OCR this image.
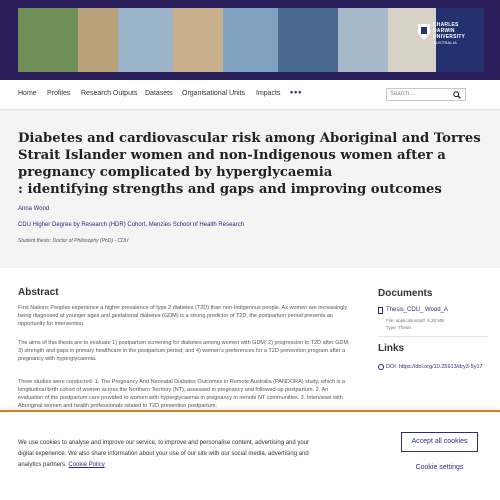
CHARLES
DARWIN
UNIVERSITY
AUSTRALIA
Home Profiles Research Outputs Datasets Organisational Units Impacts •••	Search...
Diabetes and cardiovascular risk among Aboriginal and Torres Strait Islander women and non-Indigenous women after a pregnancy complicated by hyperglycaemia
: identifying strengths and gaps and improving outcomes
Anna Wood
CDU Higher Degree by Research (HDR) Cohort, Menzies School of Health Research
Student thesis: Doctor of Philosophy (PhD) - CDU
Abstract

First Nations Peoples experience a higher prevalence of type 2 diabetes (T2D) than non-Indigenous people. As women are increasingly being diagnosed at younger ages and gestational diabetes (GDM) is a strong predictor of T2D, the postpartum period presents an opportunity for intervention.

The aims of this thesis are to evaluate 1) postpartum screening for diabetes among women with GDM; 2) progression to T2D after GDM; 3) strength and gaps in primary healthcare in the postpartum period; and 4) women's preferences for a T2D prevention program after a pregnancy with hyperglycaemia.

Three studies were conducted: 1. The Pregnancy And Neonatal Diabetes Outcomes in Remote Australia (PANDORA) study, which is a longitudinal birth cohort of women across the Northern Territory (NT), assessed in pregnancy and followed-up postpartum. 2. An evaluation of the postpartum care provided to women with hyperglycaemia in pregnancy in remote NT communities. 3. Interviews with Aboriginal women and health professionals related to T2D prevention postpartum.

Documents
Thesis_CDU_ Wood_A
File: application/pdf, 5.26 MB
Type: Thesis
Links
DOI: https://doi.org/10.25913/dry3-5y17

We use cookies to analyse and improve our service, to improve and personalise content, advertising and your digital experience. We also share information about your use of our site with our social media, advertising and analytics partners. Cookie Policy

Accept all cookies
Cookie settings
